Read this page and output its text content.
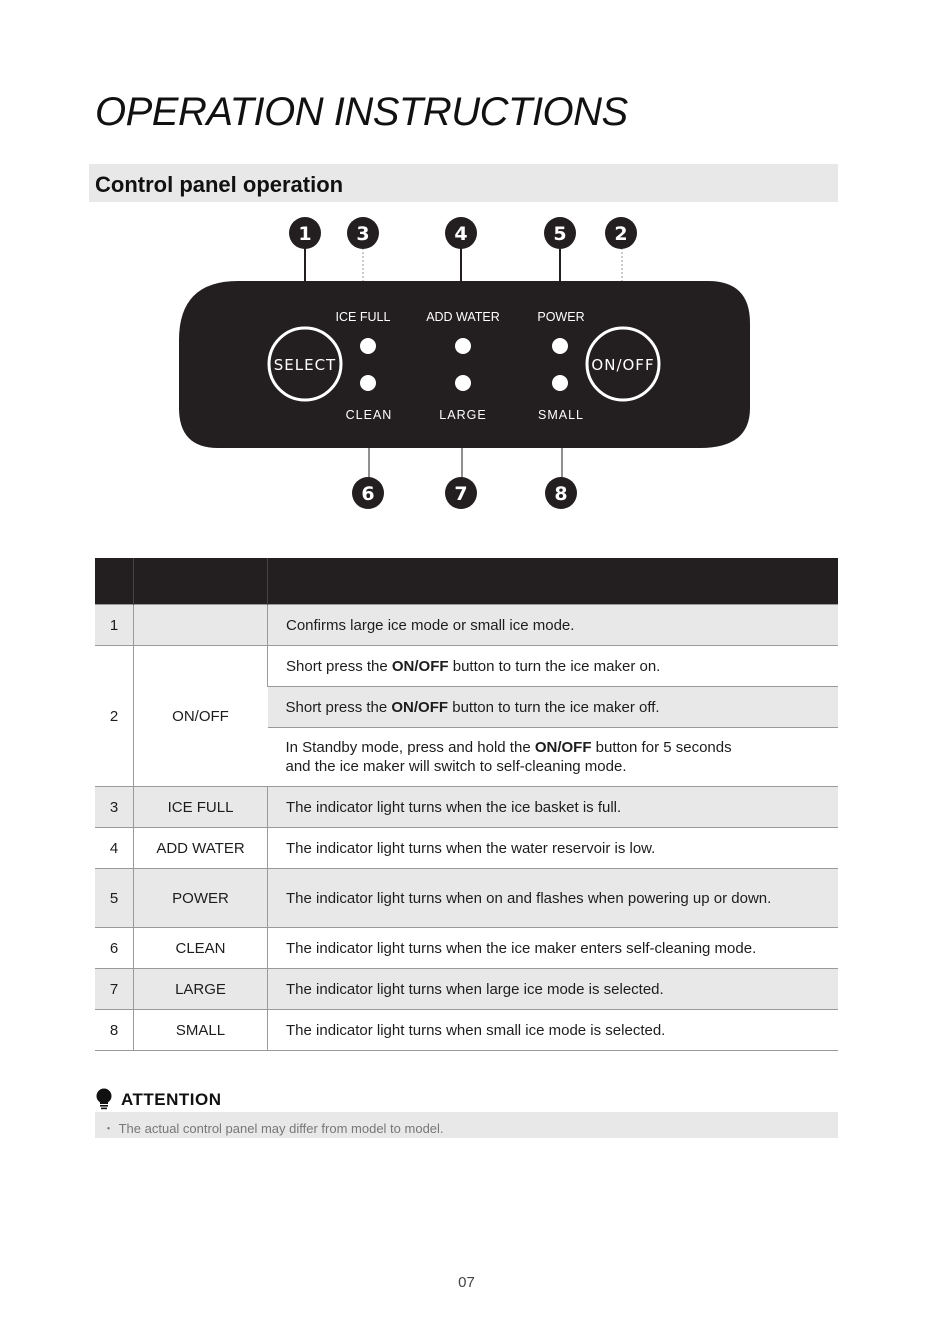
OPERATION INSTRUCTIONS
Control panel operation
SELECT	ON/OFF
ICE FULL	ADD WATER	POWER
CLEAN	LARGE	SMALL
1 3	4	5	2
6	7	8

1		Confirms large ice mode or small ice mode.
2	ON/OFF	Short press the ON/OFF button to turn the ice maker on.
		Short press the ON/OFF button to turn the ice maker off.
		In Standby mode, press and hold the ON/OFF button for 5 seconds
and the ice maker will switch to self-cleaning mode.
3	ICE FULL	The indicator light turns when the ice basket is full.
4	ADD WATER	The indicator light turns when the water reservoir is low.
5	POWER	The indicator light turns when on and flashes when powering up or down.
6	CLEAN	The indicator light turns when the ice maker enters self-cleaning mode.
7	LARGE	The indicator light turns when large ice mode is selected.
8	SMALL	The indicator light turns when small ice mode is selected.
ATTENTION
・ The actual control panel may differ from model to model.
07
